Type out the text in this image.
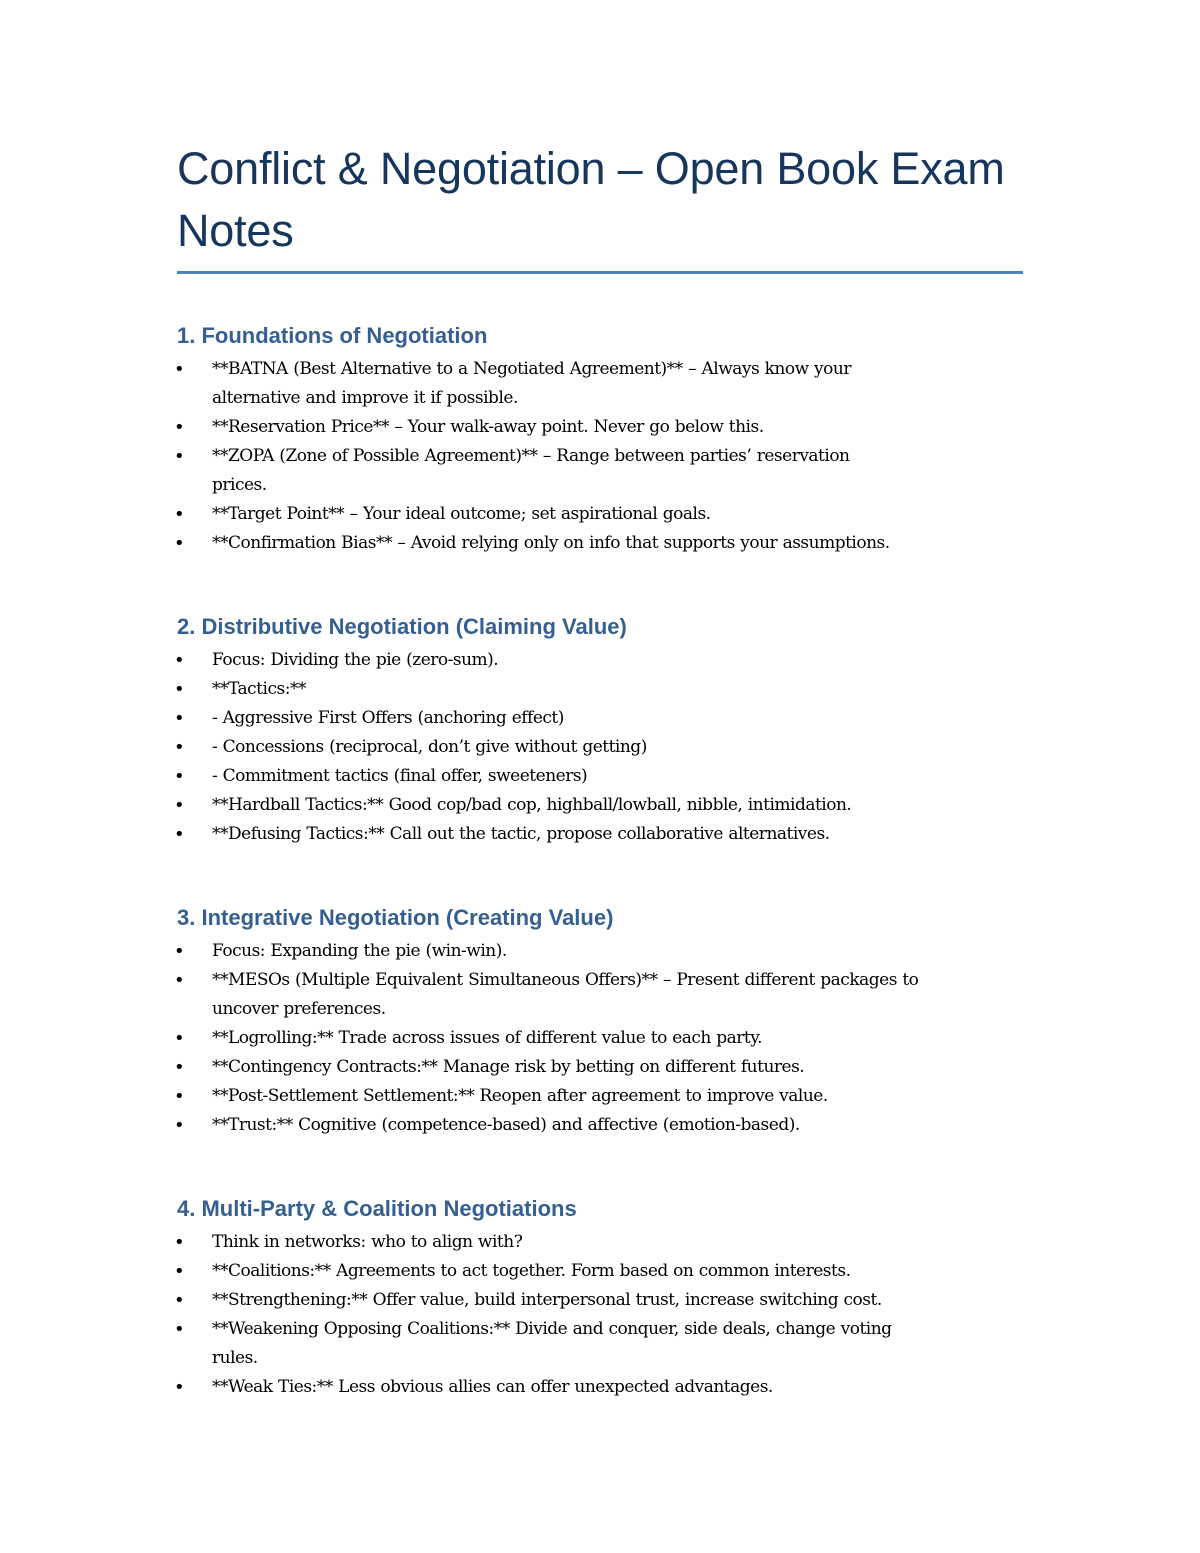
Conflict & Negotiation – Open Book Exam Notes
1. Foundations of Negotiation
• **BATNA (Best Alternative to a Negotiated Agreement)** – Always know your alternative and improve it if possible.
• **Reservation Price** – Your walk-away point. Never go below this.
• **ZOPA (Zone of Possible Agreement)** – Range between parties’ reservation prices.
• **Target Point** – Your ideal outcome; set aspirational goals.
• **Confirmation Bias** – Avoid relying only on info that supports your assumptions.
2. Distributive Negotiation (Claiming Value)
• Focus: Dividing the pie (zero-sum).
• **Tactics:**
• - Aggressive First Offers (anchoring effect)
• - Concessions (reciprocal, don’t give without getting)
• - Commitment tactics (final offer, sweeteners)
• **Hardball Tactics:** Good cop/bad cop, highball/lowball, nibble, intimidation.
• **Defusing Tactics:** Call out the tactic, propose collaborative alternatives.
3. Integrative Negotiation (Creating Value)
• Focus: Expanding the pie (win-win).
• **MESOs (Multiple Equivalent Simultaneous Offers)** – Present different packages to uncover preferences.
• **Logrolling:** Trade across issues of different value to each party.
• **Contingency Contracts:** Manage risk by betting on different futures.
• **Post-Settlement Settlement:** Reopen after agreement to improve value.
• **Trust:** Cognitive (competence-based) and affective (emotion-based).
4. Multi-Party & Coalition Negotiations
• Think in networks: who to align with?
• **Coalitions:** Agreements to act together. Form based on common interests.
• **Strengthening:** Offer value, build interpersonal trust, increase switching cost.
• **Weakening Opposing Coalitions:** Divide and conquer, side deals, change voting rules.
• **Weak Ties:** Less obvious allies can offer unexpected advantages.
